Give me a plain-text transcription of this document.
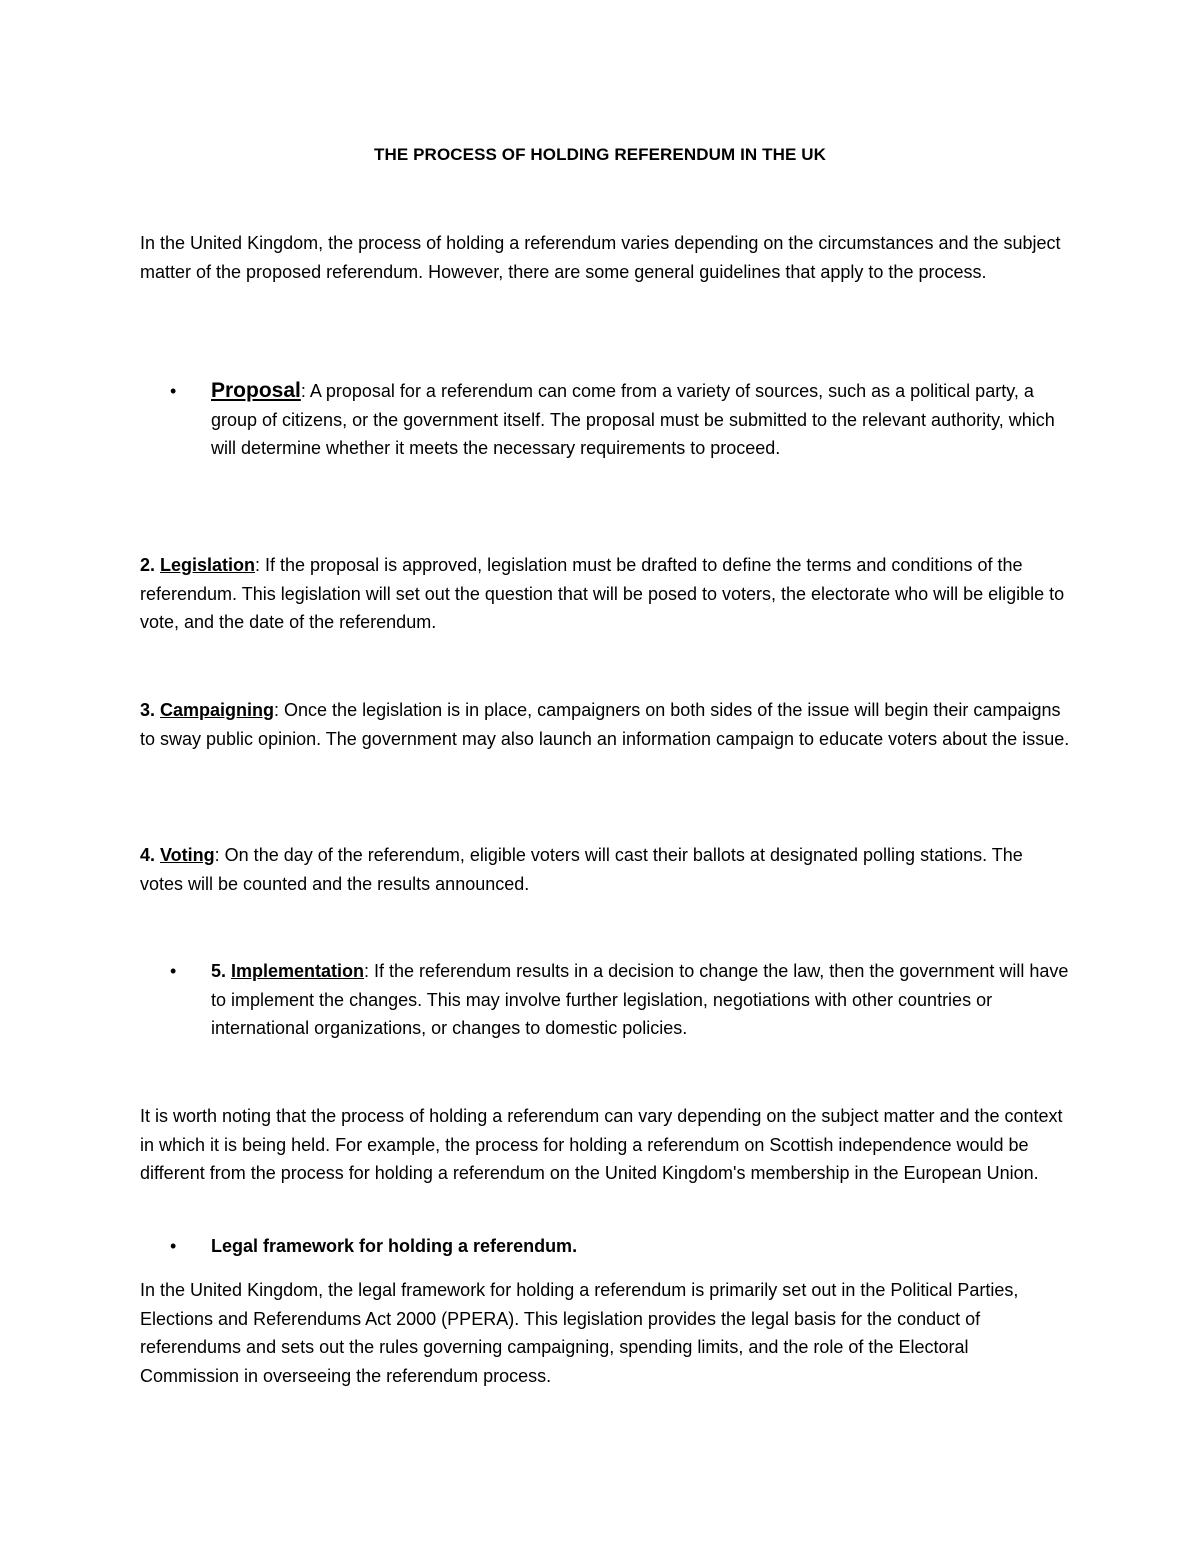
THE PROCESS OF HOLDING REFERENDUM IN THE UK

In the United Kingdom, the process of holding a referendum varies depending on the circumstances and the subject matter of the proposed referendum. However, there are some general guidelines that apply to the process.

• Proposal: A proposal for a referendum can come from a variety of sources, such as a political party, a group of citizens, or the government itself. The proposal must be submitted to the relevant authority, which will determine whether it meets the necessary requirements to proceed.

2. Legislation: If the proposal is approved, legislation must be drafted to define the terms and conditions of the referendum. This legislation will set out the question that will be posed to voters, the electorate who will be eligible to vote, and the date of the referendum.

3. Campaigning: Once the legislation is in place, campaigners on both sides of the issue will begin their campaigns to sway public opinion. The government may also launch an information campaign to educate voters about the issue.

4. Voting: On the day of the referendum, eligible voters will cast their ballots at designated polling stations. The votes will be counted and the results announced.

• 5. Implementation: If the referendum results in a decision to change the law, then the government will have to implement the changes. This may involve further legislation, negotiations with other countries or international organizations, or changes to domestic policies.

It is worth noting that the process of holding a referendum can vary depending on the subject matter and the context in which it is being held. For example, the process for holding a referendum on Scottish independence would be different from the process for holding a referendum on the United Kingdom's membership in the European Union.

• Legal framework for holding a referendum.

In the United Kingdom, the legal framework for holding a referendum is primarily set out in the Political Parties, Elections and Referendums Act 2000 (PPERA). This legislation provides the legal basis for the conduct of referendums and sets out the rules governing campaigning, spending limits, and the role of the Electoral Commission in overseeing the referendum process.
